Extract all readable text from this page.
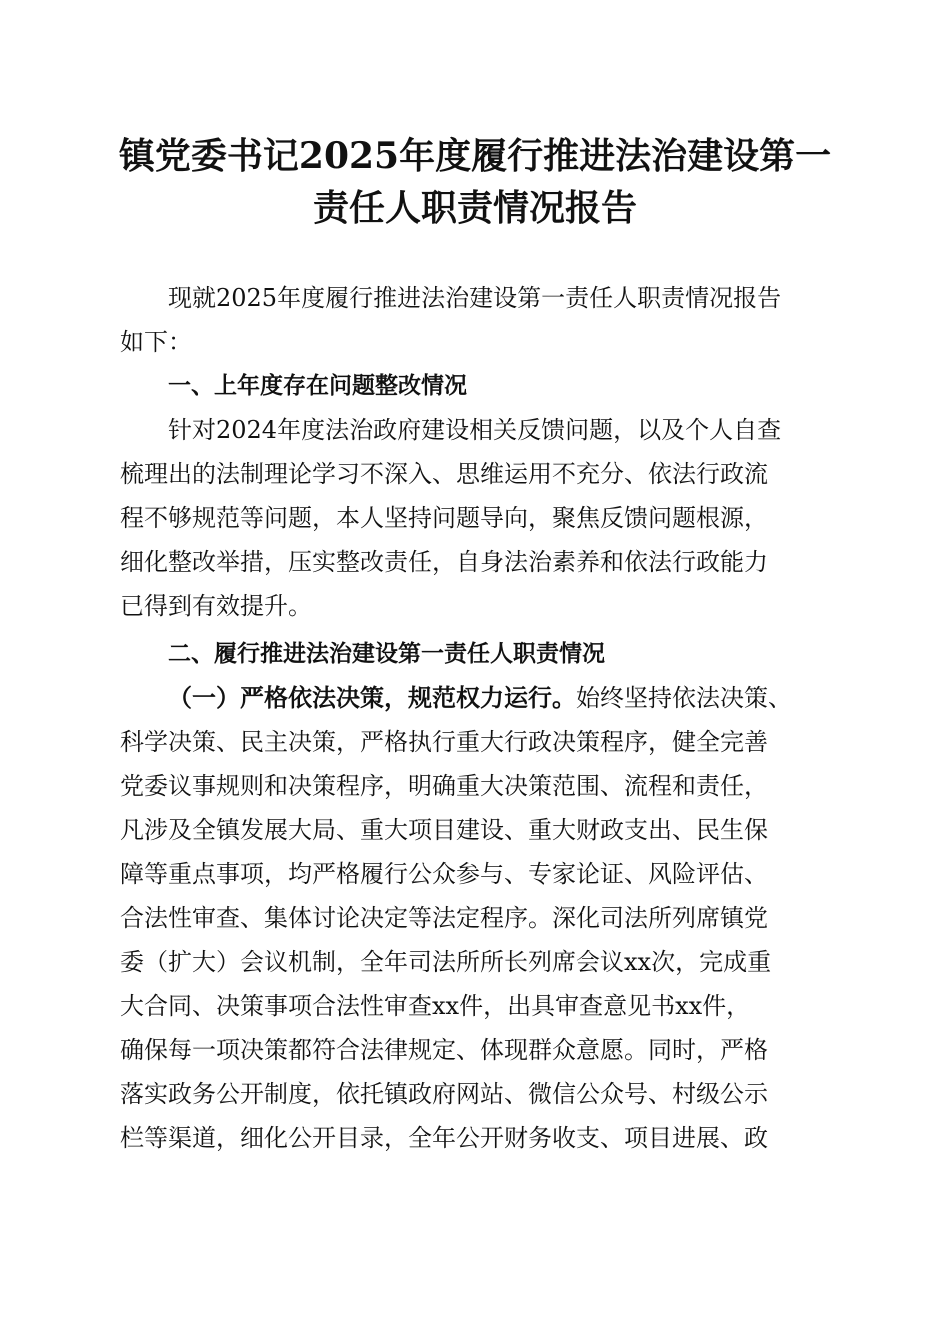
镇党委书记2025年度履行推进法治建设第一
责任人职责情况报告
现就2025年度履行推进法治建设第一责任人职责情况报告
如下：
一、上年度存在问题整改情况
针对2024年度法治政府建设相关反馈问题，以及个人自查
梳理出的法制理论学习不深入、思维运用不充分、依法行政流
程不够规范等问题，本人坚持问题导向，聚焦反馈问题根源，
细化整改举措，压实整改责任，自身法治素养和依法行政能力
已得到有效提升。
二、履行推进法治建设第一责任人职责情况
（一）严格依法决策，规范权力运行。始终坚持依法决策、
科学决策、民主决策，严格执行重大行政决策程序，健全完善
党委议事规则和决策程序，明确重大决策范围、流程和责任，
凡涉及全镇发展大局、重大项目建设、重大财政支出、民生保
障等重点事项，均严格履行公众参与、专家论证、风险评估、
合法性审查、集体讨论决定等法定程序。深化司法所列席镇党
委（扩大）会议机制，全年司法所所长列席会议xx次，完成重
大合同、决策事项合法性审查xx件，出具审查意见书xx件，
确保每一项决策都符合法律规定、体现群众意愿。同时，严格
落实政务公开制度，依托镇政府网站、微信公众号、村级公示
栏等渠道，细化公开目录，全年公开财务收支、项目进展、政
